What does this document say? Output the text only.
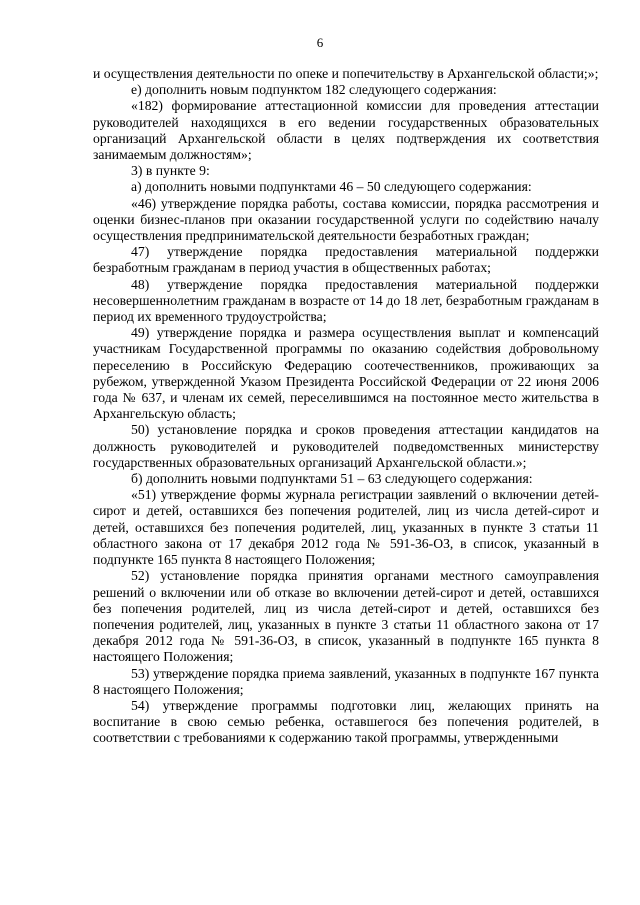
6

и осуществления деятельности по опеке и попечительству в Архангельской области;»;

е) дополнить новым подпунктом 182 следующего содержания:

«182) формирование аттестационной комиссии для проведения аттестации руководителей находящихся в его ведении государственных образовательных организаций Архангельской области в целях подтверждения их соответствия занимаемым должностям»;

3) в пункте 9:

а) дополнить новыми подпунктами 46 – 50 следующего содержания:

«46) утверждение порядка работы, состава комиссии, порядка рассмотрения и оценки бизнес-планов при оказании государственной услуги по содействию началу осуществления предпринимательской деятельности безработных граждан;

47) утверждение порядка предоставления материальной поддержки безработным гражданам в период участия в общественных работах;

48) утверждение порядка предоставления материальной поддержки несовершеннолетним гражданам в возрасте от 14 до 18 лет, безработным гражданам в период их временного трудоустройства;

49) утверждение порядка и размера осуществления выплат и компенсаций участникам Государственной программы по оказанию содействия добровольному переселению в Российскую Федерацию соотечественников, проживающих за рубежом, утвержденной Указом Президента Российской Федерации от 22 июня 2006 года № 637, и членам их семей, переселившимся на постоянное место жительства в Архангельскую область;

50) установление порядка и сроков проведения аттестации кандидатов на должность руководителей и руководителей подведомственных министерству государственных образовательных организаций Архангельской области.»;

б) дополнить новыми подпунктами 51 – 63 следующего содержания:

«51) утверждение формы журнала регистрации заявлений о включении детей-сирот и детей, оставшихся без попечения родителей, лиц из числа детей-сирот и детей, оставшихся без попечения родителей, лиц, указанных в пункте 3 статьи 11 областного закона от 17 декабря 2012 года № 591-36-ОЗ, в список, указанный в подпункте 165 пункта 8 настоящего Положения;

52) установление порядка принятия органами местного самоуправления решений о включении или об отказе во включении детей-сирот и детей, оставшихся без попечения родителей, лиц из числа детей-сирот и детей, оставшихся без попечения родителей, лиц, указанных в пункте 3 статьи 11 областного закона от 17 декабря 2012 года № 591-36-ОЗ, в список, указанный в подпункте 165 пункта 8 настоящего Положения;

53) утверждение порядка приема заявлений, указанных в подпункте 167 пункта 8 настоящего Положения;

54) утверждение программы подготовки лиц, желающих принять на воспитание в свою семью ребенка, оставшегося без попечения родителей, в соответствии с требованиями к содержанию такой программы, утвержденными
